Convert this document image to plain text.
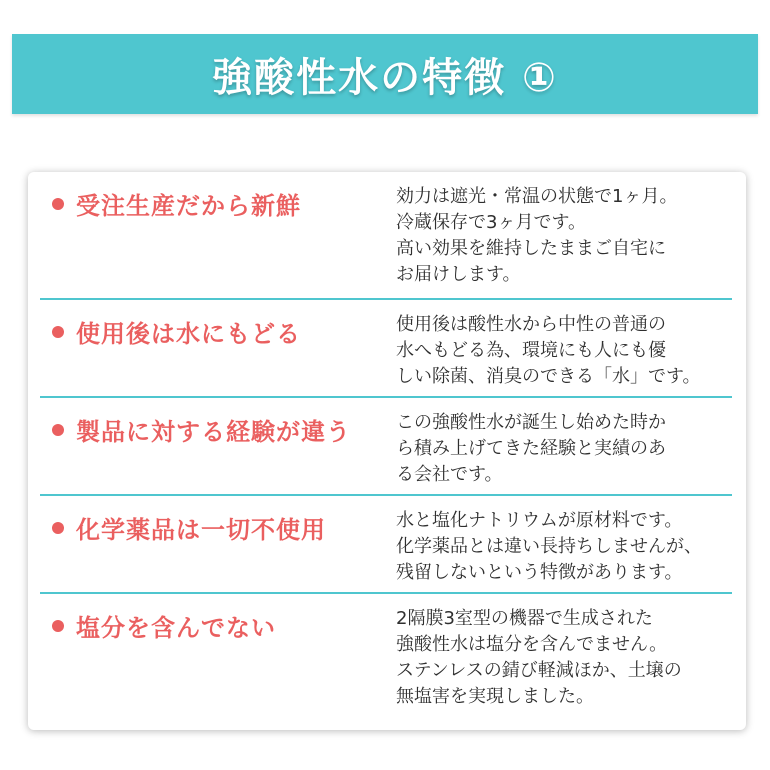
強酸性水の特徴 ①
受注生産だから新鮮	効力は遮光・常温の状態で1ヶ月。
冷蔵保存で3ヶ月です。
高い効果を維持したままご自宅に
お届けします。
使用後は水にもどる	使用後は酸性水から中性の普通の
水へもどる為、環境にも人にも優
しい除菌、消臭のできる「水」です。
製品に対する経験が違う	この強酸性水が誕生し始めた時か
ら積み上げてきた経験と実績のあ
る会社です。
化学薬品は一切不使用	水と塩化ナトリウムが原材料です。
化学薬品とは違い長持ちしませんが、
残留しないという特徴があります。
塩分を含んでない	2隔膜3室型の機器で生成された
強酸性水は塩分を含んでません。
ステンレスの錆び軽減ほか、土壌の
無塩害を実現しました。
